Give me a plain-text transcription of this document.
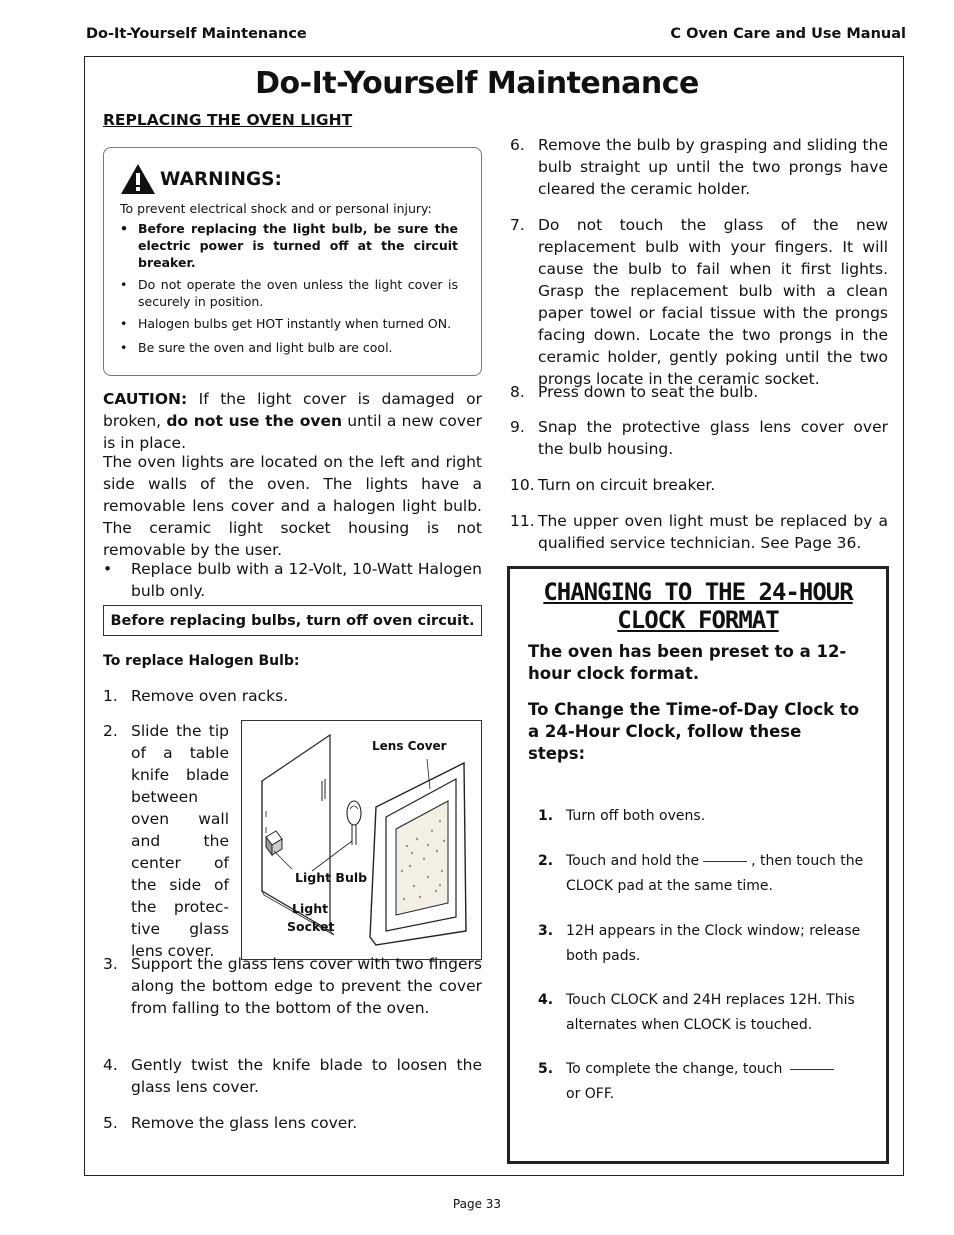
Do-It-Yourself Maintenance	C Oven Care and Use Manual
Do-It-Yourself Maintenance
REPLACING THE OVEN LIGHT
WARNINGS:
To prevent electrical shock and or personal injury:
• Before replacing the light bulb, be sure the electric power is turned off at the circuit breaker.
• Do not operate the oven unless the light cover is securely in position.
• Halogen bulbs get HOT instantly when turned ON.
• Be sure the oven and light bulb are cool.
CAUTION: If the light cover is damaged or broken, do not use the oven until a new cover is in place.
The oven lights are located on the left and right side walls of the oven. The lights have a removable lens cover and a halogen light bulb. The ceramic light socket housing is not removable by the user.
• Replace bulb with a 12-Volt, 10-Watt Halogen bulb only.
Before replacing bulbs, turn off oven circuit.
To replace Halogen Bulb:
1. Remove oven racks.
2. Slide the tip of a table knife blade between oven wall and the center of the side of the protec-tive glass lens cover.
Lens Cover
Light Bulb
Light
Socket
3. Support the glass lens cover with two fingers along the bottom edge to prevent the cover from falling to the bottom of the oven.
4. Gently twist the knife blade to loosen the glass lens cover.
5. Remove the glass lens cover.
6. Remove the bulb by grasping and sliding the bulb straight up until the two prongs have cleared the ceramic holder.
7. Do not touch the glass of the new replacement bulb with your fingers. It will cause the bulb to fail when it first lights. Grasp the replacement bulb with a clean paper towel or facial tissue with the prongs facing down. Locate the two prongs in the ceramic holder, gently poking until the two prongs locate in the ceramic socket.
8. Press down to seat the bulb.
9. Snap the protective glass lens cover over the bulb housing.
10. Turn on circuit breaker.
11. The upper oven light must be replaced by a qualified service technician. See Page 36.
CHANGING TO THE 24-HOUR
CLOCK FORMAT
The oven has been preset to a 12-hour clock format.
To Change the Time-of-Day Clock to a 24-Hour Clock, follow these steps:
1. Turn off both ovens.
2. Touch and hold the	, then touch the CLOCK pad at the same time.
3. 12H appears in the Clock window; release both pads.
4. Touch CLOCK and 24H replaces 12H. This alternates when CLOCK is touched.
5. To complete the change, touchor OFF.
Page 33
